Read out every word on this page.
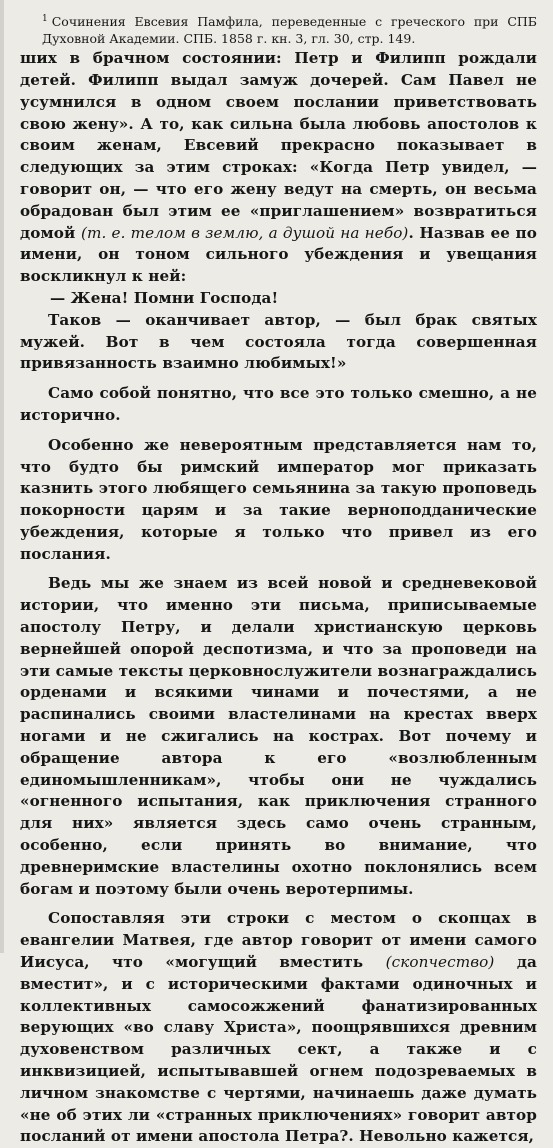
$^1$ Сочинения Евсевия Памфила, переведенные с греческого при СПБ Духовной Академии. СПБ. 1858 г. кн. 3, гл. 30, стр. 149.

ших в брачном состоянии: Петр и Филипп рождали детей. Филипп выдал замуж дочерей. Сам Павел не усумнился в одном своем послании приветствовать свою жену». А то, как сильна была любовь апостолов к своим женам, Евсевий прекрасно показывает в следующих за этим строках: «Когда Петр увидел, — говорит он, — что его жену ведут на смерть, он весьма обрадован был этим ее «приглашением» возвратиться домой (т. е. телом в землю, а душой на небо). Назвав ее по имени, он тоном сильного убеждения и увещания воскликнул к ней:

— Жена! Помни Господа!

Таков — оканчивает автор, — был брак святых мужей. Вот в чем состояла тогда совершенная привязанность взаимно любимых!»

Само собой понятно, что все это только смешно, а не исторично.

Особенно же невероятным представляется нам то, что будто бы римский император мог приказать казнить этого любящего семьянина за такую проповедь покорности царям и за такие верноподданические убеждения, которые я только что привел из его послания.

Ведь мы же знаем из всей новой и средневековой истории, что именно эти письма, приписываемые апостолу Петру, и делали христианскую церковь вернейшей опорой деспотизма, и что за проповеди на эти самые тексты церковнослужители вознаграждались орденами и всякими чинами и почестями, а не распинались своими властелинами на крестах вверх ногами и не сжигались на кострах. Вот почему и обращение автора к его «возлюбленным единомышленникам», чтобы они не чуждались «огненного испытания, как приключения странного для них» является здесь само очень странным, особенно, если принять во внимание, что древнеримские властелины охотно поклонялись всем богам и поэтому были очень веротерпимы.

Сопоставляя эти строки с местом о скопцах в евангелии Матвея, где автор говорит от имени самого Иисуса, что «могущий вместить (скопчество) да вместит», и с историческими фактами одиночных и коллективных самосожжений фанатизированных верующих «во славу Христа», поощрявшихся древним духовенством различных сект, а также и с инквизицией, испытывавшей огнем подозреваемых в личном знакомстве с чертями, начинаешь даже думать «не об этих ли «странных приключениях» говорит автор посланий от имени апостола Петра?. Невольно кажется,
